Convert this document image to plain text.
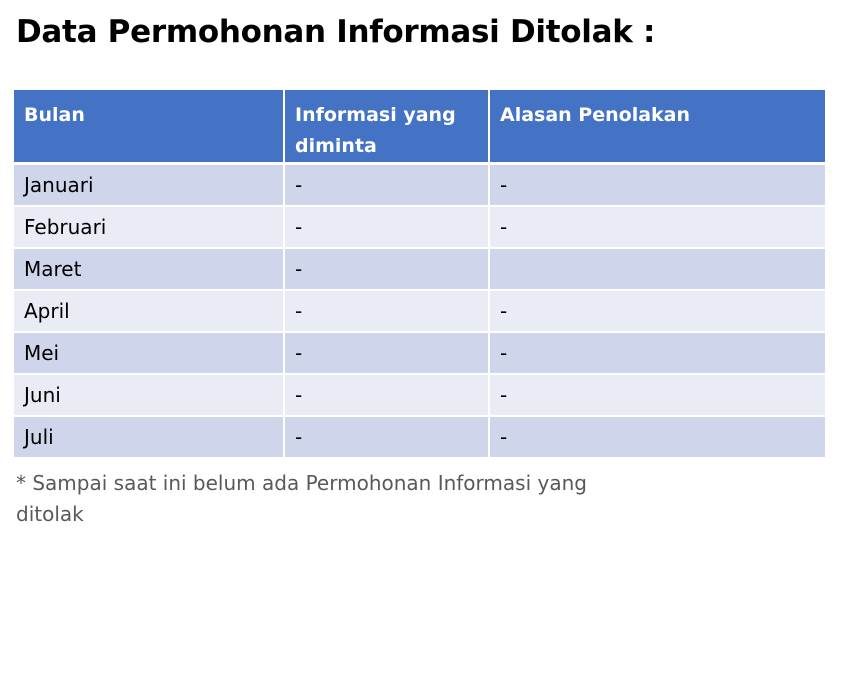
Data Permohonan Informasi Ditolak :
Bulan	Informasi yang diminta	Alasan Penolakan
Januari	-	-
Februari	-	-
Maret	-	
April	-	-
Mei	-	-
Juni	-	-
Juli	-	-

* Sampai saat ini belum ada Permohonan Informasi yang ditolak
